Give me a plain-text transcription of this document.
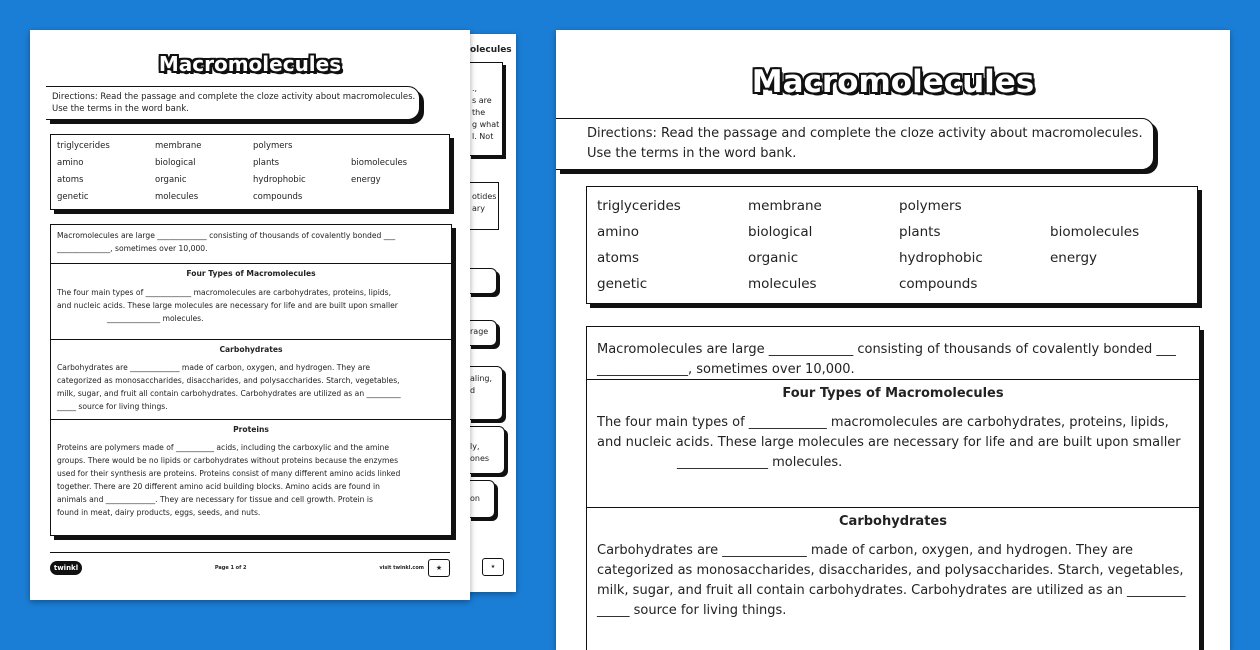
olecules
.,
s are
the
g what
l. Not
otides
ary
rage
aling,
d
ly,
ones
on
★
Macromolecules
Directions: Read the passage and complete the cloze activity about macromolecules.
Use the terms in the word bank.
triglycerides	membrane	polymers
amino	biological	plants	biomolecules
atoms	organic	hydrophobic	energy
genetic	molecules	compounds
Macromolecules are large _____________ consisting of thousands of covalently bonded ___
______________, sometimes over 10,000.
Four Types of Macromolecules
The four main types of ____________ macromolecules are carbohydrates, proteins, lipids,
and nucleic acids. These large molecules are necessary for life and are built upon smaller
______________ molecules.
Carbohydrates
Carbohydrates are _____________ made of carbon, oxygen, and hydrogen. They are
categorized as monosaccharides, disaccharides, and polysaccharides. Starch, vegetables,
milk, sugar, and fruit all contain carbohydrates. Carbohydrates are utilized as an _________
_____ source for living things.
Proteins
Proteins are polymers made of __________ acids, including the carboxylic and the amine
groups. There would be no lipids or carbohydrates without proteins because the enzymes
used for their synthesis are proteins. Proteins consist of many different amino acids linked
together. There are 20 different amino acid building blocks. Amino acids are found in
animals and _____________. They are necessary for tissue and cell growth. Protein is
found in meat, dairy products, eggs, seeds, and nuts.
twinkl	Page 1 of 2	visit twinkl.com	★
Macromolecules
Directions: Read the passage and complete the cloze activity about macromolecules.
Use the terms in the word bank.
triglycerides	membrane	polymers
amino	biological	plants	biomolecules
atoms	organic	hydrophobic	energy
genetic	molecules	compounds
Macromolecules are large _____________ consisting of thousands of covalently bonded ___
______________, sometimes over 10,000.
Four Types of Macromolecules
The four main types of ____________ macromolecules are carbohydrates, proteins, lipids,
and nucleic acids. These large molecules are necessary for life and are built upon smaller
______________ molecules.
Carbohydrates
Carbohydrates are _____________ made of carbon, oxygen, and hydrogen. They are
categorized as monosaccharides, disaccharides, and polysaccharides. Starch, vegetables,
milk, sugar, and fruit all contain carbohydrates. Carbohydrates are utilized as an _________
_____ source for living things.
